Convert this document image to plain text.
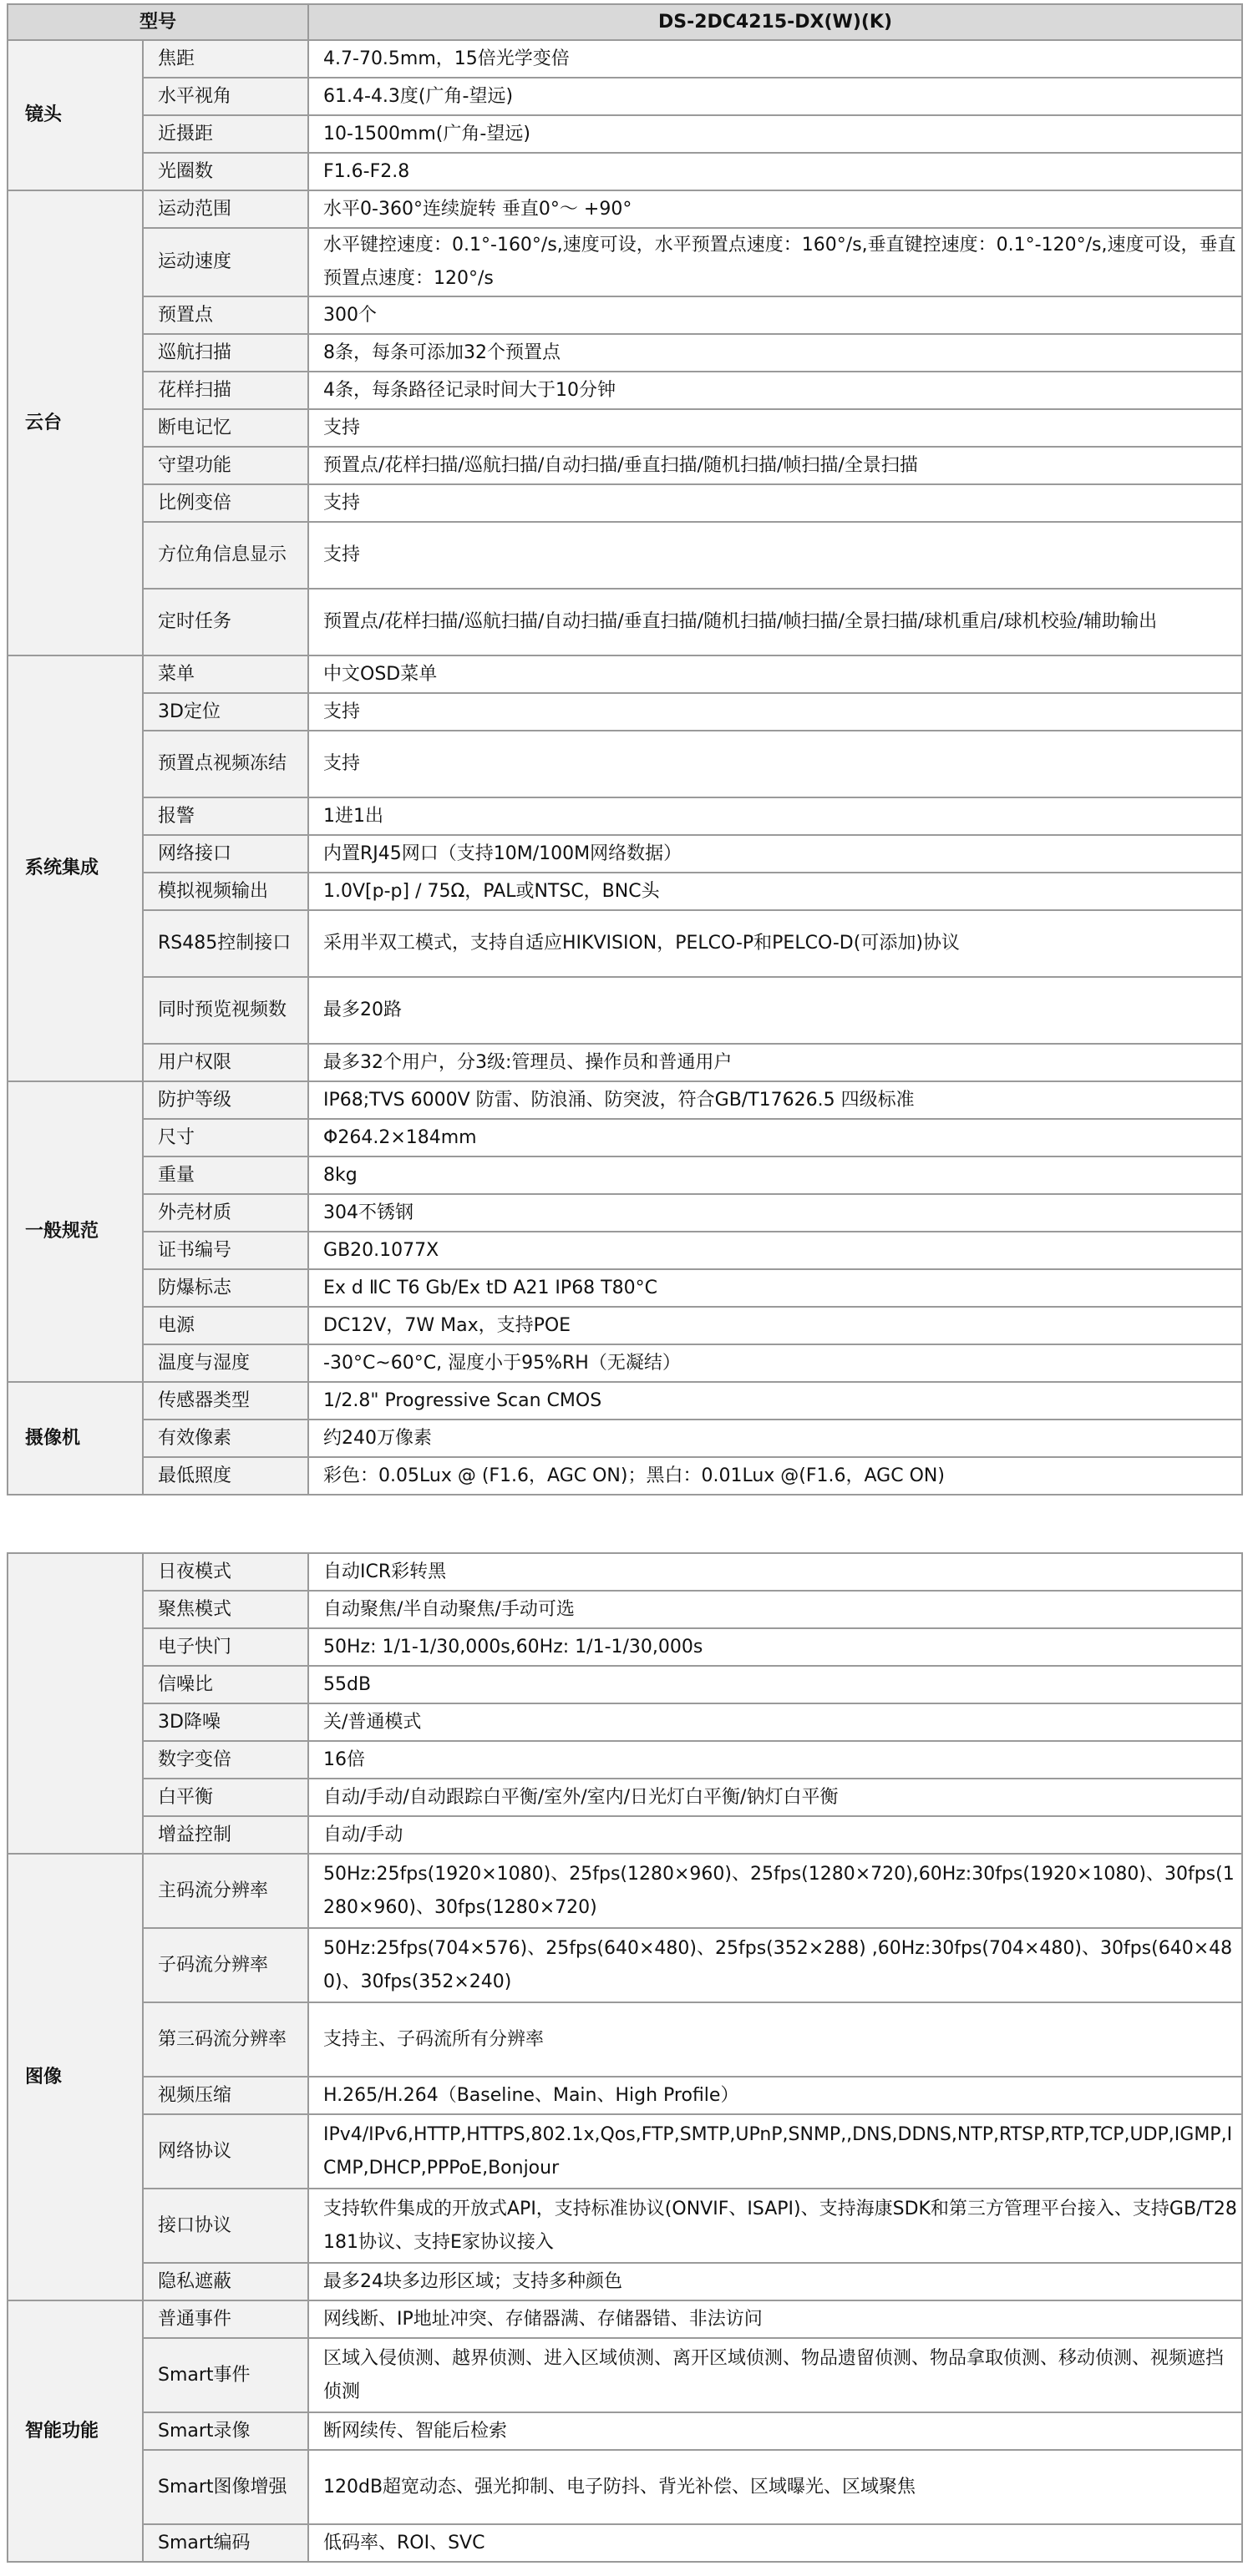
型号		DS-2DC4215-DX(W)(K)
镜头	焦距	4.7-70.5mm，15倍光学变倍
	水平视角	61.4-4.3度(广角-望远)
	近摄距	10-1500mm(广角-望远)
	光圈数	F1.6-F2.8
云台	运动范围	水平0-360°连续旋转 垂直0°～ +90°
	运动速度	水平键控速度：0.1°-160°/s,速度可设，水平预置点速度：160°/s,垂直键控速度：0.1°-120°/s,速度可设，垂直预置点速度：120°/s
	预置点	300个
	巡航扫描	8条，每条可添加32个预置点
	花样扫描	4条，每条路径记录时间大于10分钟
	断电记忆	支持
	守望功能	预置点/花样扫描/巡航扫描/自动扫描/垂直扫描/随机扫描/帧扫描/全景扫描
	比例变倍	支持
	方位角信息显示	支持
	定时任务	预置点/花样扫描/巡航扫描/自动扫描/垂直扫描/随机扫描/帧扫描/全景扫描/球机重启/球机校验/辅助输出
系统集成	菜单	中文OSD菜单
	3D定位	支持
	预置点视频冻结	支持
	报警	1进1出
	网络接口	内置RJ45网口（支持10M/100M网络数据）
	模拟视频输出	1.0V[p-p] / 75Ω，PAL或NTSC，BNC头
	RS485控制接口	采用半双工模式，支持自适应HIKVISION，PELCO-P和PELCO-D(可添加)协议
	同时预览视频数	最多20路
	用户权限	最多32个用户，分3级:管理员、操作员和普通用户
一般规范	防护等级	IP68;TVS 6000V 防雷、防浪涌、防突波，符合GB/T17626.5 四级标准
	尺寸	Φ264.2×184mm
	重量	8kg
	外壳材质	304不锈钢
	证书编号	GB20.1077X
	防爆标志	Ex d ⅡC T6 Gb/Ex tD A21 IP68 T80°C
	电源	DC12V，7W Max，支持POE
	温度与湿度	-30°C~60°C, 湿度小于95%RH（无凝结）
摄像机	传感器类型	1/2.8" Progressive Scan CMOS
	有效像素	约240万像素
	最低照度	彩色：0.05Lux @ (F1.6，AGC ON)；黑白：0.01Lux @(F1.6，AGC ON)
	日夜模式	自动ICR彩转黑
	聚焦模式	自动聚焦/半自动聚焦/手动可选
	电子快门	50Hz: 1/1-1/30,000s,60Hz: 1/1-1/30,000s
	信噪比	55dB
	3D降噪	关/普通模式
	数字变倍	16倍
	白平衡	自动/手动/自动跟踪白平衡/室外/室内/日光灯白平衡/钠灯白平衡
	增益控制	自动/手动
图像	主码流分辨率	50Hz:25fps(1920×1080)、25fps(1280×960)、25fps(1280×720),60Hz:30fps(1920×1080)、30fps(1280×960)、30fps(1280×720)
	子码流分辨率	50Hz:25fps(704×576)、25fps(640×480)、25fps(352×288) ,60Hz:30fps(704×480)、30fps(640×480)、30fps(352×240)
	第三码流分辨率	支持主、子码流所有分辨率
	视频压缩	H.265/H.264（Baseline、Main、High Profile）
	网络协议	IPv4/IPv6,HTTP,HTTPS,802.1x,Qos,FTP,SMTP,UPnP,SNMP,,DNS,DDNS,NTP,RTSP,RTP,TCP,UDP,IGMP,ICMP,DHCP,PPPoE,Bonjour
	接口协议	支持软件集成的开放式API，支持标准协议(ONVIF、ISAPI)、支持海康SDK和第三方管理平台接入、支持GB/T28181协议、支持E家协议接入
	隐私遮蔽	最多24块多边形区域；支持多种颜色
智能功能	普通事件	网线断、IP地址冲突、存储器满、存储器错、非法访问
	Smart事件	区域入侵侦测、越界侦测、进入区域侦测、离开区域侦测、物品遗留侦测、物品拿取侦测、移动侦测、视频遮挡侦测
	Smart录像	断网续传、智能后检索
	Smart图像增强	120dB超宽动态、强光抑制、电子防抖、背光补偿、区域曝光、区域聚焦
	Smart编码	低码率、ROI、SVC
